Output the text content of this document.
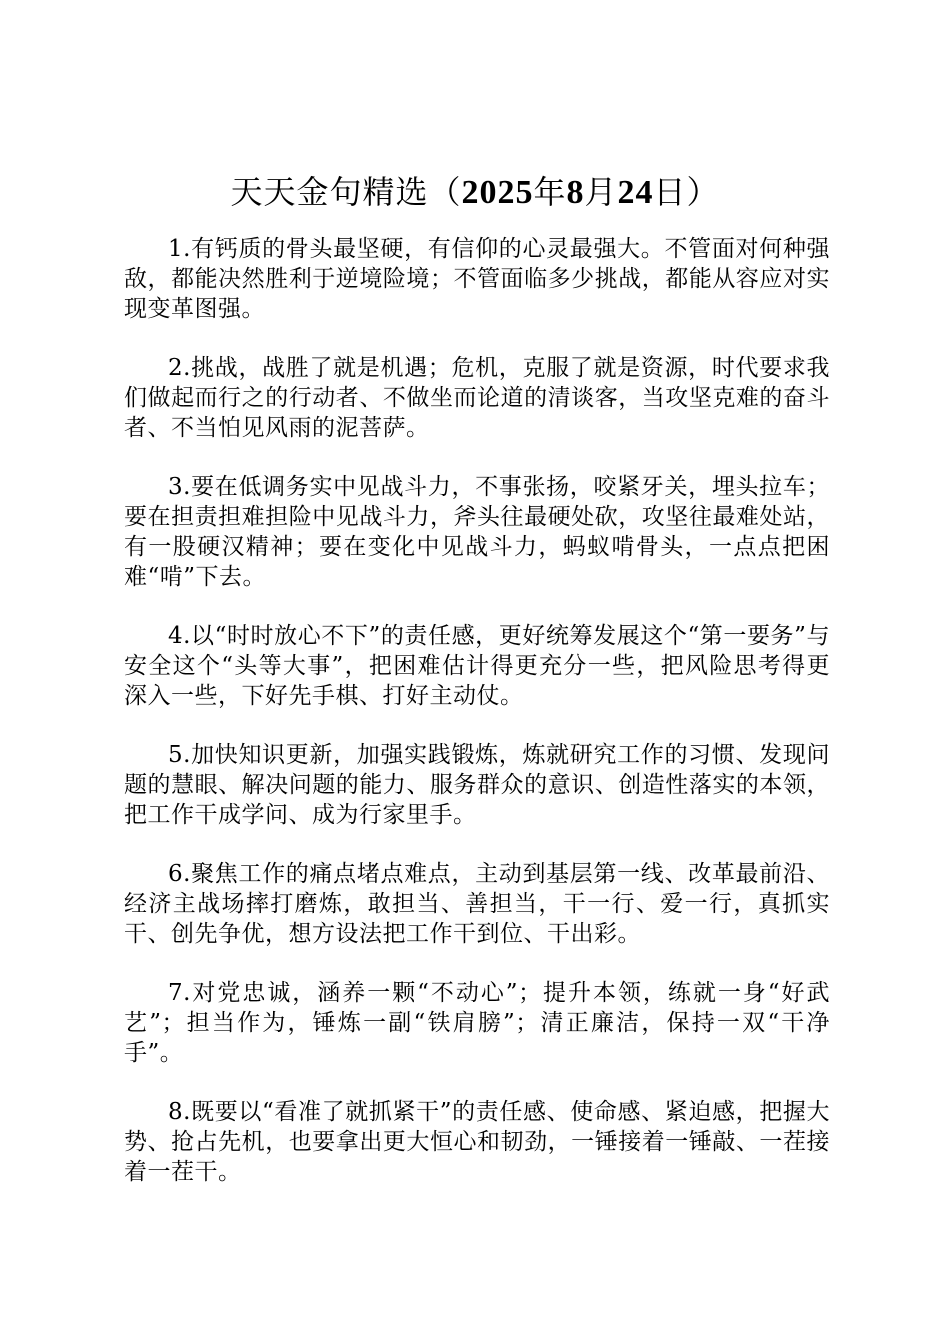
天天金句精选（2025年8月24日）

1.有钙质的骨头最坚硬，有信仰的心灵最强大。不管面对何种强敌，都能决然胜利于逆境险境；不管面临多少挑战，都能从容应对实现变革图强。

2.挑战，战胜了就是机遇；危机，克服了就是资源，时代要求我们做起而行之的行动者、不做坐而论道的清谈客，当攻坚克难的奋斗者、不当怕见风雨的泥菩萨。

3.要在低调务实中见战斗力，不事张扬，咬紧牙关，埋头拉车；要在担责担难担险中见战斗力，斧头往最硬处砍，攻坚往最难处站，有一股硬汉精神；要在变化中见战斗力，蚂蚁啃骨头，一点点把困难“啃”下去。

4.以“时时放心不下”的责任感，更好统筹发展这个“第一要务”与安全这个“头等大事”，把困难估计得更充分一些，把风险思考得更深入一些，下好先手棋、打好主动仗。

5.加快知识更新，加强实践锻炼，炼就研究工作的习惯、发现问题的慧眼、解决问题的能力、服务群众的意识、创造性落实的本领，把工作干成学问、成为行家里手。

6.聚焦工作的痛点堵点难点，主动到基层第一线、改革最前沿、经济主战场摔打磨炼，敢担当、善担当，干一行、爱一行，真抓实干、创先争优，想方设法把工作干到位、干出彩。

7.对党忠诚，涵养一颗“不动心”；提升本领，练就一身“好武艺”；担当作为，锤炼一副“铁肩膀”；清正廉洁，保持一双“干净手”。

8.既要以“看准了就抓紧干”的责任感、使命感、紧迫感，把握大势、抢占先机，也要拿出更大恒心和韧劲，一锤接着一锤敲、一茬接着一茬干。
